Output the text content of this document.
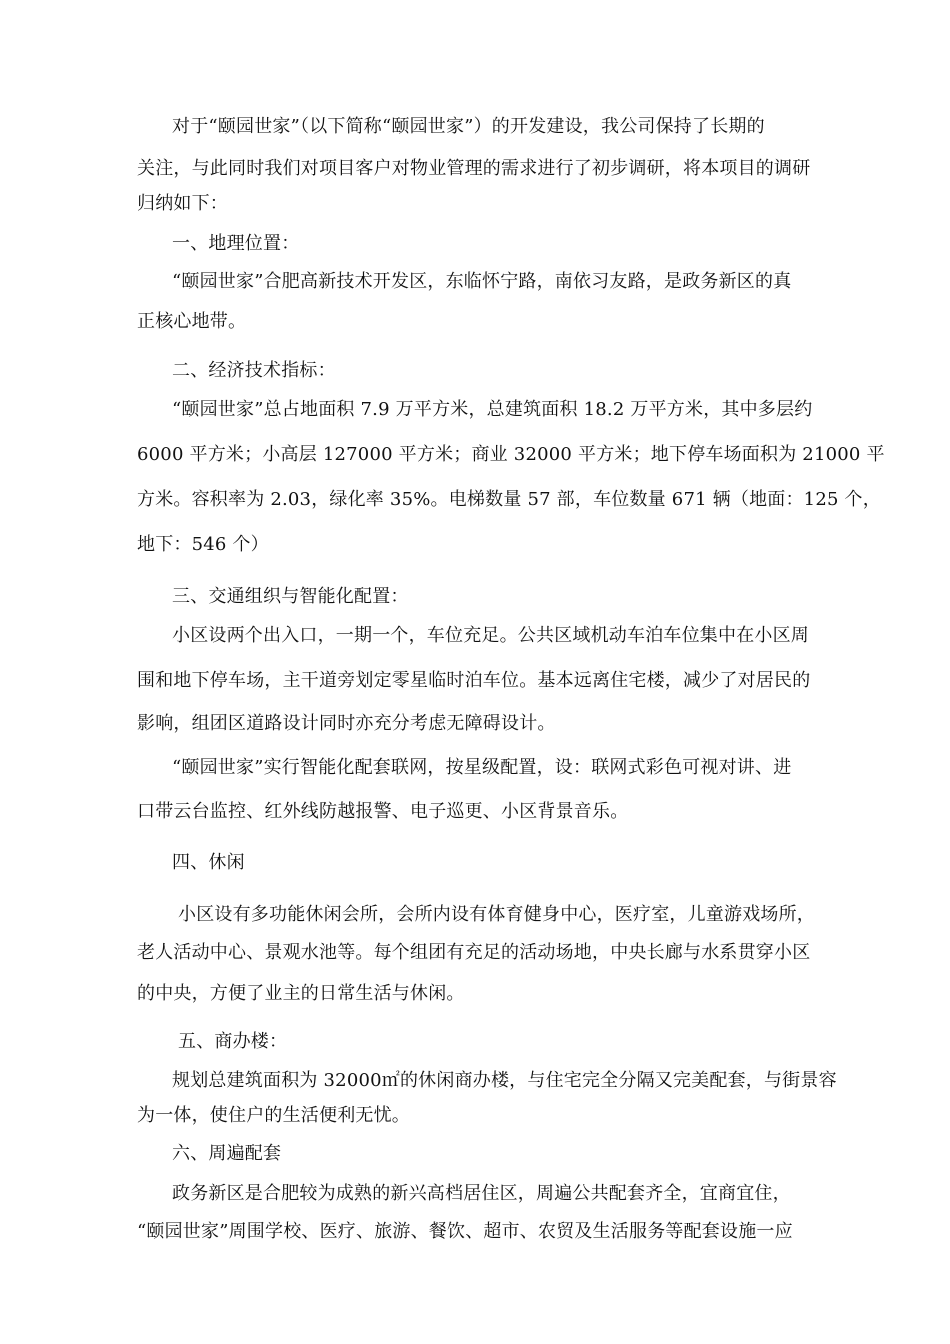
对于“颐园世家”（以下简称“颐园世家”）的开发建设，我公司保持了长期的
关注，与此同时我们对项目客户对物业管理的需求进行了初步调研，将本项目的调研
归纳如下：
一、地理位置：
“颐园世家”合肥高新技术开发区，东临怀宁路，南依习友路，是政务新区的真
正核心地带。
二、经济技术指标：
“颐园世家”总占地面积 7.9 万平方米，总建筑面积 18.2 万平方米，其中多层约
6000 平方米；小高层 127000 平方米；商业 32000 平方米；地下停车场面积为 21000 平
方米。容积率为 2.03，绿化率 35%。电梯数量 57 部，车位数量 671 辆（地面：125 个，
地下：546 个）
三、交通组织与智能化配置：
小区设两个出入口，一期一个，车位充足。公共区域机动车泊车位集中在小区周
围和地下停车场，主干道旁划定零星临时泊车位。基本远离住宅楼，减少了对居民的
影响，组团区道路设计同时亦充分考虑无障碍设计。
“颐园世家”实行智能化配套联网，按星级配置，设：联网式彩色可视对讲、进
口带云台监控、红外线防越报警、电子巡更、小区背景音乐。
四、休闲
小区设有多功能休闲会所，会所内设有体育健身中心，医疗室，儿童游戏场所，
老人活动中心、景观水池等。每个组团有充足的活动场地，中央长廊与水系贯穿小区
的中央，方便了业主的日常生活与休闲。
五、商办楼：
规划总建筑面积为 32000㎡的休闲商办楼，与住宅完全分隔又完美配套，与街景容
为一体，使住户的生活便利无忧。
六、周遍配套
政务新区是合肥较为成熟的新兴高档居住区，周遍公共配套齐全，宜商宜住，
“颐园世家”周围学校、医疗、旅游、餐饮、超市、农贸及生活服务等配套设施一应
